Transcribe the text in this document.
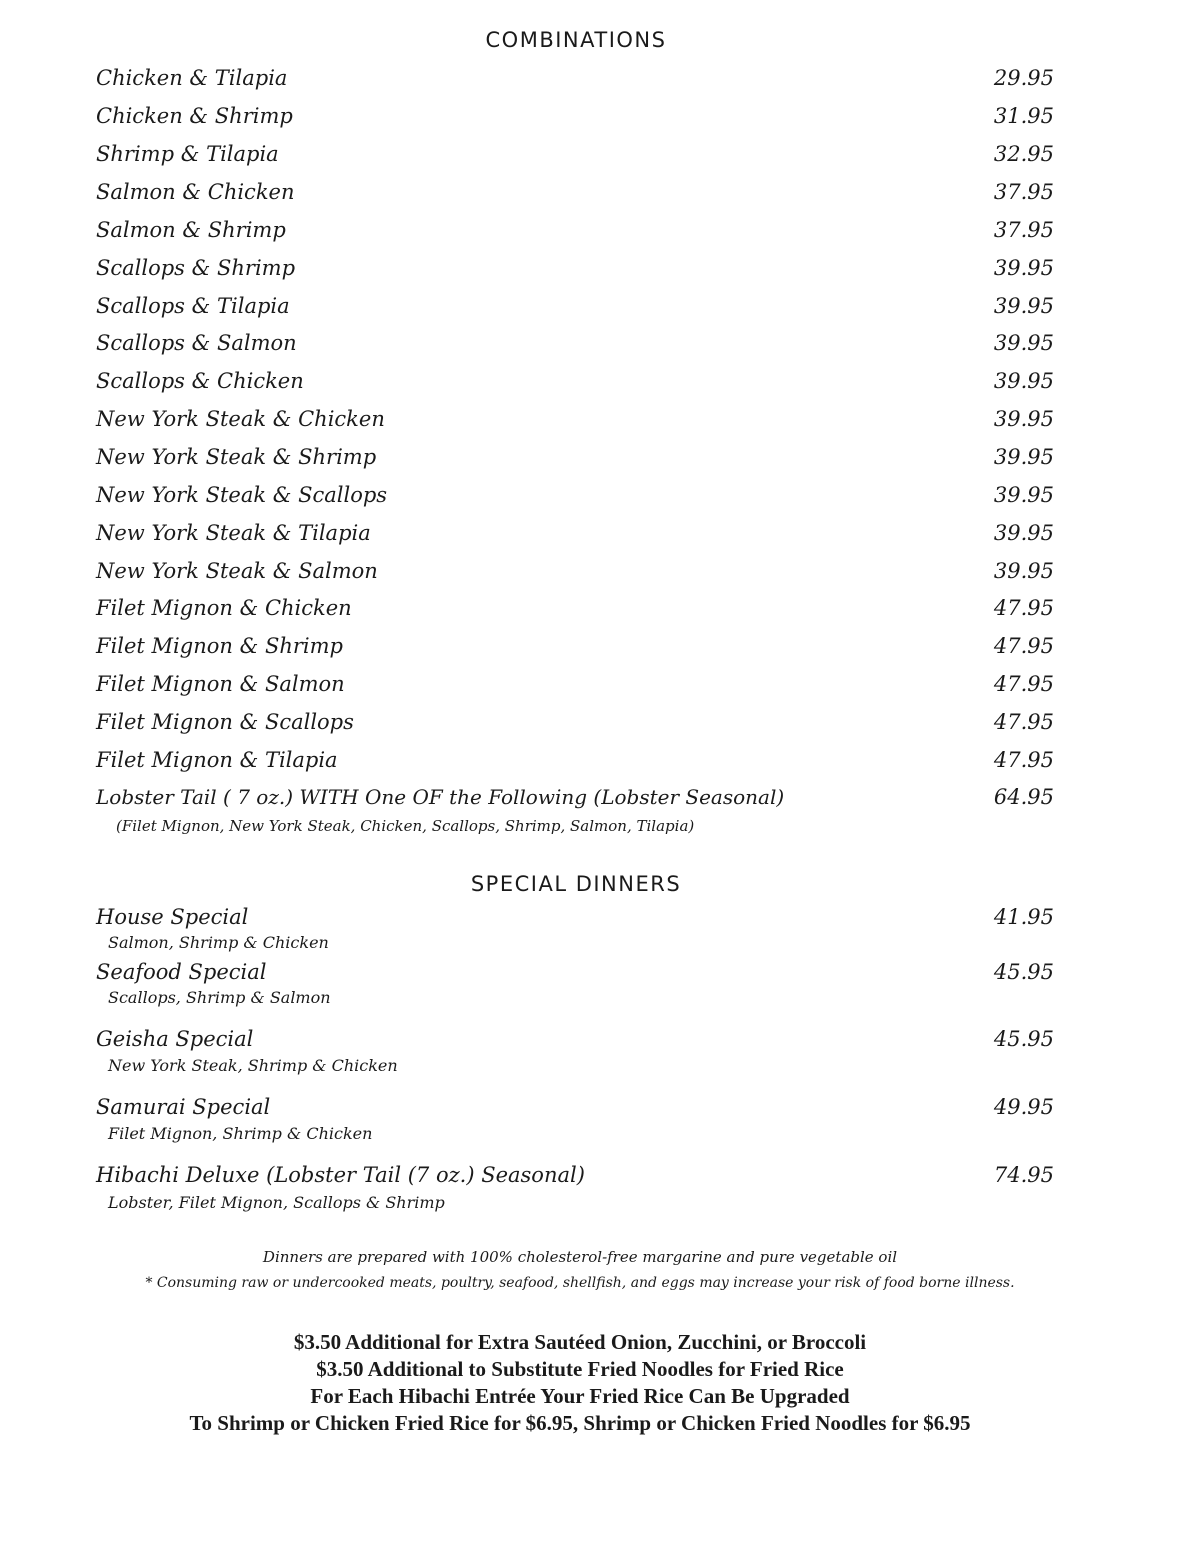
COMBINATIONS
Chicken & Tilapia	29.95
Chicken & Shrimp	31.95
Shrimp & Tilapia	32.95
Salmon & Chicken	37.95
Salmon & Shrimp	37.95
Scallops & Shrimp	39.95
Scallops & Tilapia	39.95
Scallops & Salmon	39.95
Scallops & Chicken	39.95
New York Steak & Chicken	39.95
New York Steak & Shrimp	39.95
New York Steak & Scallops	39.95
New York Steak & Tilapia	39.95
New York Steak & Salmon	39.95
Filet Mignon & Chicken	47.95
Filet Mignon & Shrimp	47.95
Filet Mignon & Salmon	47.95
Filet Mignon & Scallops	47.95
Filet Mignon & Tilapia	47.95
Lobster Tail ( 7 oz.) WITH One OF the Following (Lobster Seasonal)	64.95
(Filet Mignon, New York Steak, Chicken, Scallops, Shrimp, Salmon, Tilapia)
SPECIAL DINNERS
House Special	41.95
Salmon, Shrimp & Chicken
Seafood Special	45.95
Scallops, Shrimp & Salmon
Geisha Special	45.95
New York Steak, Shrimp & Chicken
Samurai Special	49.95
Filet Mignon, Shrimp & Chicken
Hibachi Deluxe (Lobster Tail (7 oz.) Seasonal)	74.95
Lobster, Filet Mignon, Scallops & Shrimp
Dinners are prepared with 100% cholesterol-free margarine and pure vegetable oil
* Consuming raw or undercooked meats, poultry, seafood, shellfish, and eggs may increase your risk of food borne illness.
$3.50 Additional for Extra Sautéed Onion, Zucchini, or Broccoli
$3.50 Additional to Substitute Fried Noodles for Fried Rice
For Each Hibachi Entrée Your Fried Rice Can Be Upgraded
To Shrimp or Chicken Fried Rice for $6.95, Shrimp or Chicken Fried Noodles for $6.95
